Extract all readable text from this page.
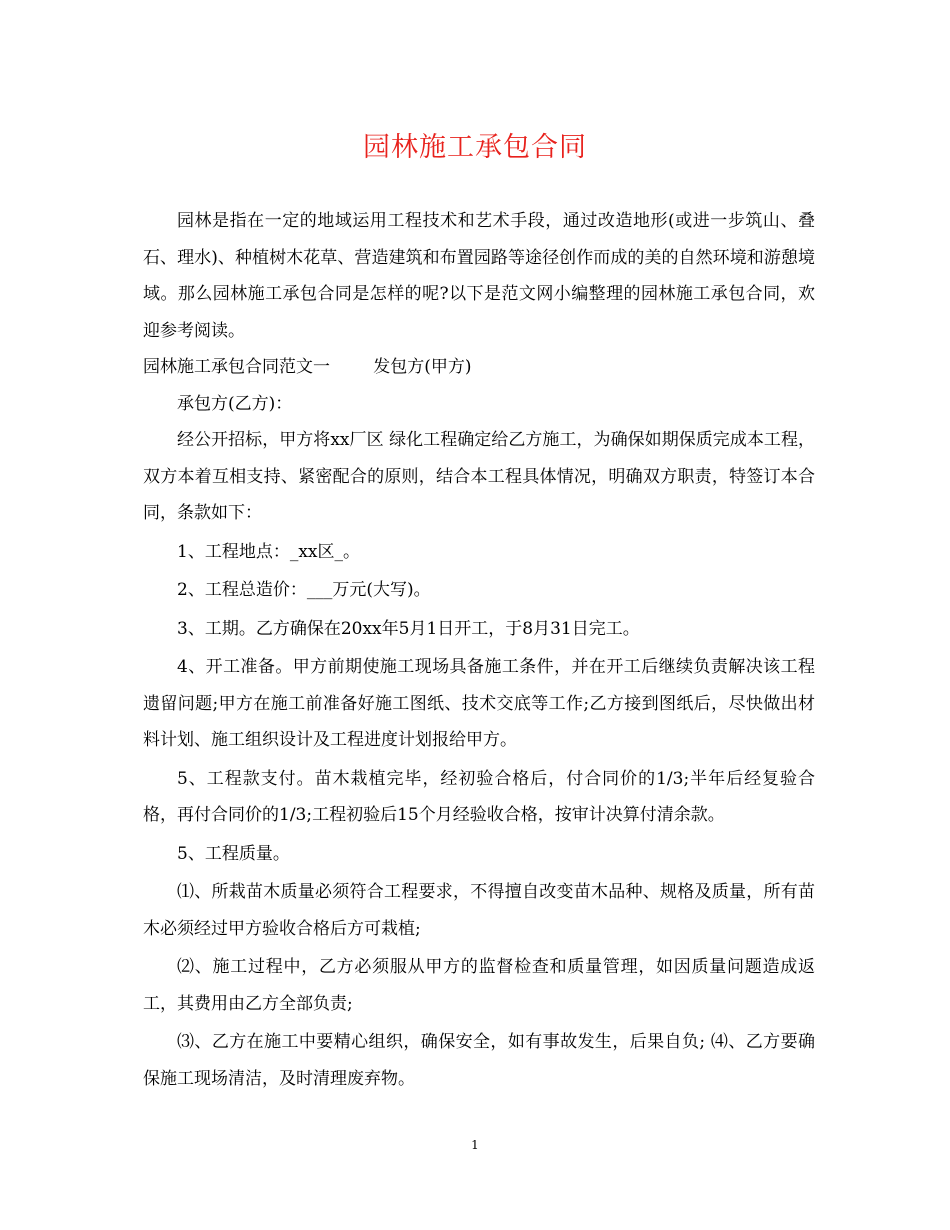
园林施工承包合同

园林是指在一定的地域运用工程技术和艺术手段，通过改造地形(或进一步筑山、叠石、理水)、种植树木花草、营造建筑和布置园路等途径创作而成的美的自然环境和游憩境域。那么园林施工承包合同是怎样的呢?以下是范文网小编整理的园林施工承包合同，欢迎参考阅读。

园林施工承包合同范文一	发包方(甲方)

承包方(乙方)：

经公开招标，甲方将xx厂区 绿化工程确定给乙方施工，为确保如期保质完成本工程，双方本着互相支持、紧密配合的原则，结合本工程具体情况，明确双方职责，特签订本合同，条款如下：

1、工程地点：_xx区_。

2、工程总造价：___万元(大写)。

3、工期。乙方确保在20xx年5月1日开工，于8月31日完工。

4、开工准备。甲方前期使施工现场具备施工条件，并在开工后继续负责解决该工程遗留问题;甲方在施工前准备好施工图纸、技术交底等工作;乙方接到图纸后，尽快做出材料计划、施工组织设计及工程进度计划报给甲方。

5、工程款支付。苗木栽植完毕，经初验合格后，付合同价的1/3;半年后经复验合格，再付合同价的1/3;工程初验后15个月经验收合格，按审计决算付清余款。

5、工程质量。

⑴、所栽苗木质量必须符合工程要求，不得擅自改变苗木品种、规格及质量，所有苗木必须经过甲方验收合格后方可栽植;

⑵、施工过程中，乙方必须服从甲方的监督检查和质量管理，如因质量问题造成返工，其费用由乙方全部负责;

⑶、乙方在施工中要精心组织，确保安全，如有事故发生，后果自负; ⑷、乙方要确保施工现场清洁，及时清理废弃物。

1
